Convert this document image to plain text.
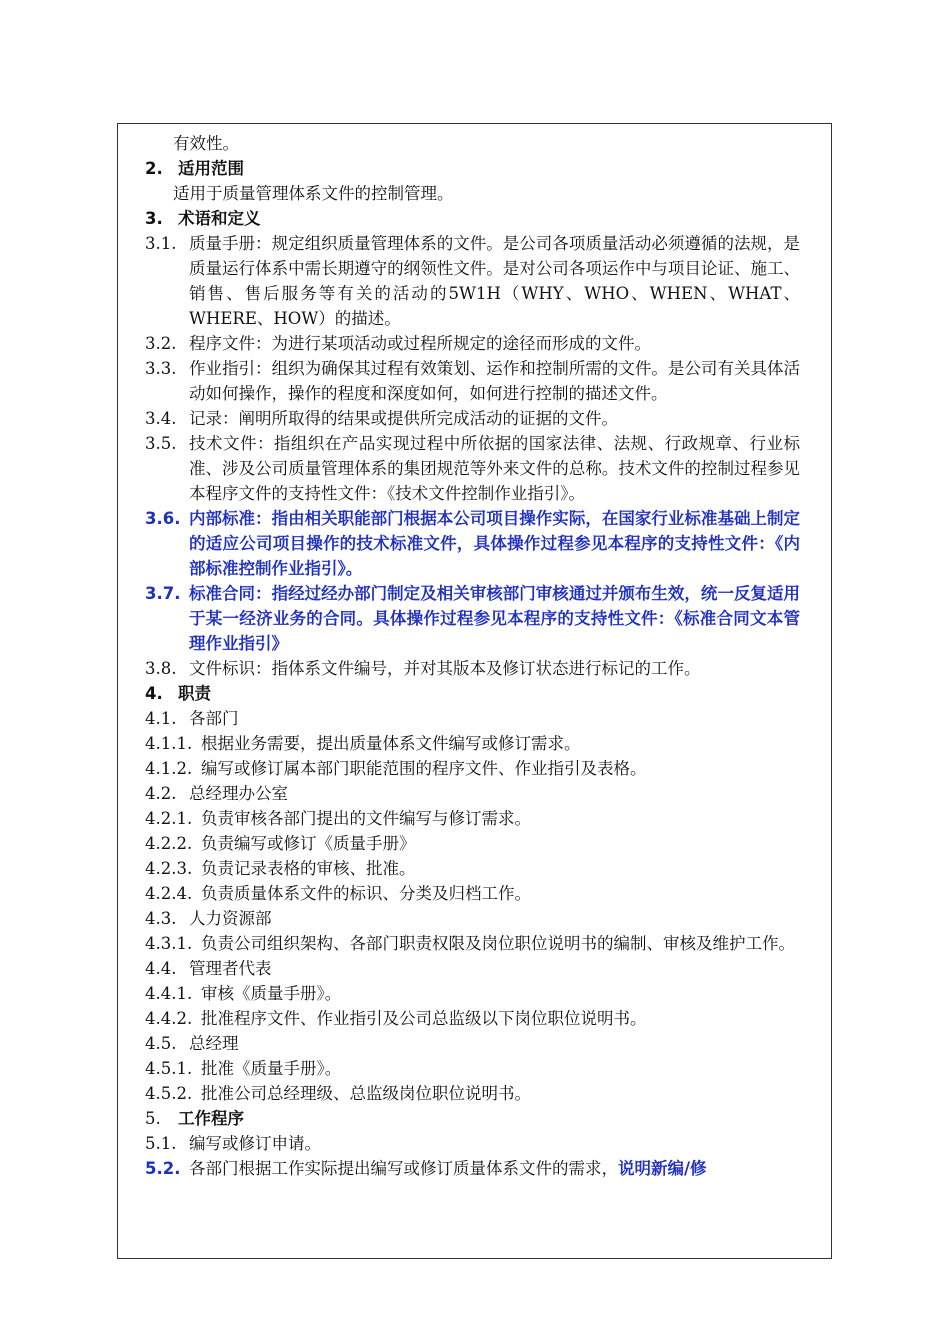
有效性。
2. 适用范围
适用于质量管理体系文件的控制管理。
3. 术语和定义
3.1. 质量手册：规定组织质量管理体系的文件。是公司各项质量活动必须遵循的法规，是质量运行体系中需长期遵守的纲领性文件。是对公司各项运作中与项目论证、施工、销售、售后服务等有关的活动的5W1H（WHY、WHO、WHEN、WHAT、WHERE、HOW）的描述。
3.2. 程序文件：为进行某项活动或过程所规定的途径而形成的文件。
3.3. 作业指引：组织为确保其过程有效策划、运作和控制所需的文件。是公司有关具体活动如何操作，操作的程度和深度如何，如何进行控制的描述文件。
3.4. 记录：阐明所取得的结果或提供所完成活动的证据的文件。
3.5. 技术文件：指组织在产品实现过程中所依据的国家法律、法规、行政规章、行业标准、涉及公司质量管理体系的集团规范等外来文件的总称。技术文件的控制过程参见本程序文件的支持性文件：《技术文件控制作业指引》。
3.6. 内部标准：指由相关职能部门根据本公司项目操作实际，在国家行业标准基础上制定的适应公司项目操作的技术标准文件，具体操作过程参见本程序的支持性文件：《内部标准控制作业指引》。
3.7. 标准合同：指经过经办部门制定及相关审核部门审核通过并颁布生效，统一反复适用于某一经济业务的合同。具体操作过程参见本程序的支持性文件：《标准合同文本管理作业指引》
3.8. 文件标识：指体系文件编号，并对其版本及修订状态进行标记的工作。
4. 职责
4.1. 各部门
4.1.1. 根据业务需要，提出质量体系文件编写或修订需求。
4.1.2. 编写或修订属本部门职能范围的程序文件、作业指引及表格。
4.2. 总经理办公室
4.2.1. 负责审核各部门提出的文件编写与修订需求。
4.2.2. 负责编写或修订《质量手册》
4.2.3. 负责记录表格的审核、批准。
4.2.4. 负责质量体系文件的标识、分类及归档工作。
4.3. 人力资源部
4.3.1. 负责公司组织架构、各部门职责权限及岗位职位说明书的编制、审核及维护工作。
4.4. 管理者代表
4.4.1. 审核《质量手册》。
4.4.2. 批准程序文件、作业指引及公司总监级以下岗位职位说明书。
4.5. 总经理
4.5.1. 批准《质量手册》。
4.5.2. 批准公司总经理级、总监级岗位职位说明书。
5.	工作程序
5.1. 编写或修订申请。
5.2. 各部门根据工作实际提出编写或修订质量体系文件的需求，说明新编/修
